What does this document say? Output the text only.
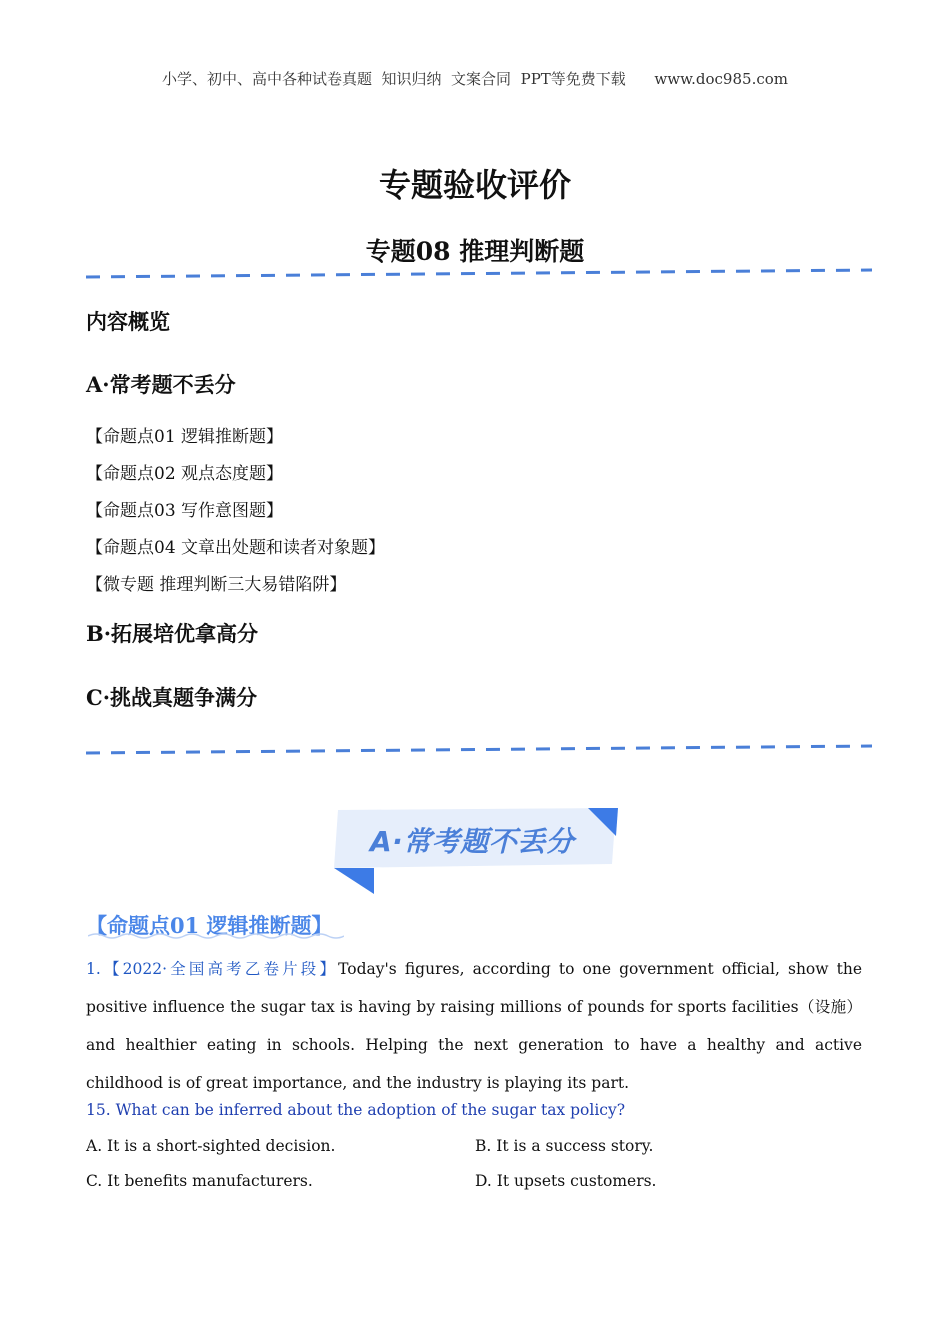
小学、初中、高中各种试卷真题  知识归纳  文案合同  PPT等免费下载      www.doc985.com
专题验收评价
专题08 推理判断题
内容概览
A·常考题不丢分
【命题点01 逻辑推断题】
【命题点02 观点态度题】
【命题点03 写作意图题】
【命题点04 文章出处题和读者对象题】
【微专题 推理判断三大易错陷阱】
B·拓展培优拿高分
C·挑战真题争满分
A·常考题不丢分
【命题点01 逻辑推断题】
1.【2022·全国高考乙卷片段】Today's figures, according to one government official, show the positive influence the sugar tax is having by raising millions of pounds for sports facilities（设施）and healthier eating in schools. Helping the next generation to have a healthy and active childhood is of great importance, and the industry is playing its part.
15. What can be inferred about the adoption of the sugar tax policy?
A. It is a short-sighted decision.	B. It is a success story.
C. It benefits manufacturers.	D. It upsets customers.
